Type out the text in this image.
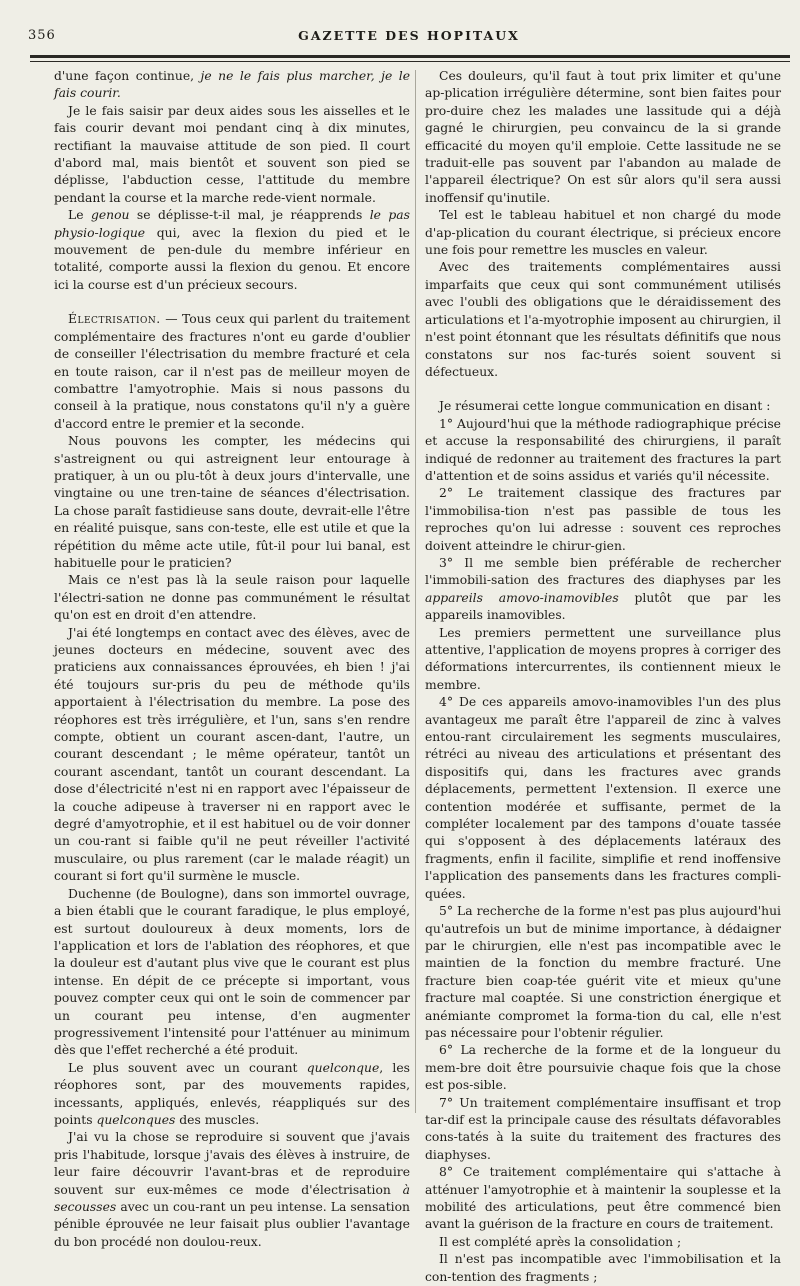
356	GAZETTE DES HOPITAUX

d'une façon continue, je ne le fais plus marcher, je le fais courir.

Je le fais saisir par deux aides sous les aisselles et le fais courir devant moi pendant cinq à dix minutes, rectifiant la mauvaise attitude de son pied. Il court d'abord mal, mais bientôt et souvent son pied se déplisse, l'abduction cesse, l'attitude du membre pendant la course et la marche rede-vient normale.

Le genou se déplisse-t-il mal, je réapprends le pas physio-logique qui, avec la flexion du pied et le mouvement de pen-dule du membre inférieur en totalité, comporte aussi la flexion du genou. Et encore ici la course est d'un précieux secours.

Électrisation. — Tous ceux qui parlent du traitement complémentaire des fractures n'ont eu garde d'oublier de conseiller l'électrisation du membre fracturé et cela en toute raison, car il n'est pas de meilleur moyen de combattre l'amyotrophie. Mais si nous passons du conseil à la pratique, nous constatons qu'il n'y a guère d'accord entre le premier et la seconde.

Nous pouvons les compter, les médecins qui s'astreignent ou qui astreignent leur entourage à pratiquer, à un ou plu-tôt à deux jours d'intervalle, une vingtaine ou une tren-taine de séances d'électrisation. La chose paraît fastidieuse sans doute, devrait-elle l'être en réalité puisque, sans con-teste, elle est utile et que la répétition du même acte utile, fût-il pour lui banal, est habituelle pour le praticien?

Mais ce n'est pas là la seule raison pour laquelle l'électri-sation ne donne pas communément le résultat qu'on est en droit d'en attendre.

J'ai été longtemps en contact avec des élèves, avec de jeunes docteurs en médecine, souvent avec des praticiens aux connaissances éprouvées, eh bien ! j'ai été toujours sur-pris du peu de méthode qu'ils apportaient à l'électrisation du membre. La pose des réophores est très irrégulière, et l'un, sans s'en rendre compte, obtient un courant ascen-dant, l'autre, un courant descendant ; le même opérateur, tantôt un courant ascendant, tantôt un courant descendant. La dose d'électricité n'est ni en rapport avec l'épaisseur de la couche adipeuse à traverser ni en rapport avec le degré d'amyotrophie, et il est habituel ou de voir donner un cou-rant si faible qu'il ne peut réveiller l'activité musculaire, ou plus rarement (car le malade réagit) un courant si fort qu'il surmène le muscle.

Duchenne (de Boulogne), dans son immortel ouvrage, a bien établi que le courant faradique, le plus employé, est surtout douloureux à deux moments, lors de l'application et lors de l'ablation des réophores, et que la douleur est d'autant plus vive que le courant est plus intense. En dépit de ce précepte si important, vous pouvez compter ceux qui ont le soin de commencer par un courant peu intense, d'en augmenter progressivement l'intensité pour l'atténuer au minimum dès que l'effet recherché a été produit.

Le plus souvent avec un courant quelconque, les réophores sont, par des mouvements rapides, incessants, appliqués, enlevés, réappliqués sur des points quelconques des muscles.

J'ai vu la chose se reproduire si souvent que j'avais pris l'habitude, lorsque j'avais des élèves à instruire, de leur faire découvrir l'avant-bras et de reproduire souvent sur eux-mêmes ce mode d'électrisation à secousses avec un cou-rant un peu intense. La sensation pénible éprouvée ne leur faisait plus oublier l'avantage du bon procédé non doulou-reux.

Ces douleurs, qu'il faut à tout prix limiter et qu'une ap-plication irrégulière détermine, sont bien faites pour pro-duire chez les malades une lassitude qui a déjà gagné le chirurgien, peu convaincu de la si grande efficacité du moyen qu'il emploie. Cette lassitude ne se traduit-elle pas souvent par l'abandon au malade de l'appareil électrique? On est sûr alors qu'il sera aussi inoffensif qu'inutile.

Tel est le tableau habituel et non chargé du mode d'ap-plication du courant électrique, si précieux encore une fois pour remettre les muscles en valeur.

Avec des traitements complémentaires aussi imparfaits que ceux qui sont communément utilisés avec l'oubli des obligations que le déraidissement des articulations et l'a-myotrophie imposent au chirurgien, il n'est point étonnant que les résultats définitifs que nous constatons sur nos fac-turés soient souvent si défectueux.

Je résumerai cette longue communication en disant :

1° Aujourd'hui que la méthode radiographique précise et accuse la responsabilité des chirurgiens, il paraît indiqué de redonner au traitement des fractures la part d'attention et de soins assidus et variés qu'il nécessite.

2° Le traitement classique des fractures par l'immobilisa-tion n'est pas passible de tous les reproches qu'on lui adresse : souvent ces reproches doivent atteindre le chirur-gien.

3° Il me semble bien préférable de rechercher l'immobili-sation des fractures des diaphyses par les appareils amovo-inamovibles plutôt que par les appareils inamovibles.

Les premiers permettent une surveillance plus attentive, l'application de moyens propres à corriger des déformations intercurrentes, ils contiennent mieux le membre.

4° De ces appareils amovo-inamovibles l'un des plus avantageux me paraît être l'appareil de zinc à valves entou-rant circulairement les segments musculaires, rétréci au niveau des articulations et présentant des dispositifs qui, dans les fractures avec grands déplacements, permettent l'extension. Il exerce une contention modérée et suffisante, permet de la compléter localement par des tampons d'ouate tassée qui s'opposent à des déplacements latéraux des fragments, enfin il facilite, simplifie et rend inoffensive l'application des pansements dans les fractures compli-quées.

5° La recherche de la forme n'est pas plus aujourd'hui qu'autrefois un but de minime importance, à dédaigner par le chirurgien, elle n'est pas incompatible avec le maintien de la fonction du membre fracturé. Une fracture bien coap-tée guérit vite et mieux qu'une fracture mal coaptée. Si une constriction énergique et anémiante compromet la forma-tion du cal, elle n'est pas nécessaire pour l'obtenir régulier.

6° La recherche de la forme et de la longueur du mem-bre doit être poursuivie chaque fois que la chose est pos-sible.

7° Un traitement complémentaire insuffisant et trop tar-dif est la principale cause des résultats défavorables cons-tatés à la suite du traitement des fractures des diaphyses.

8° Ce traitement complémentaire qui s'attache à atténuer l'amyotrophie et à maintenir la souplesse et la mobilité des articulations, peut être commencé bien avant la guérison de la fracture en cours de traitement.

Il est complété après la consolidation ;

Il n'est pas incompatible avec l'immobilisation et la con-tention des fragments ;
